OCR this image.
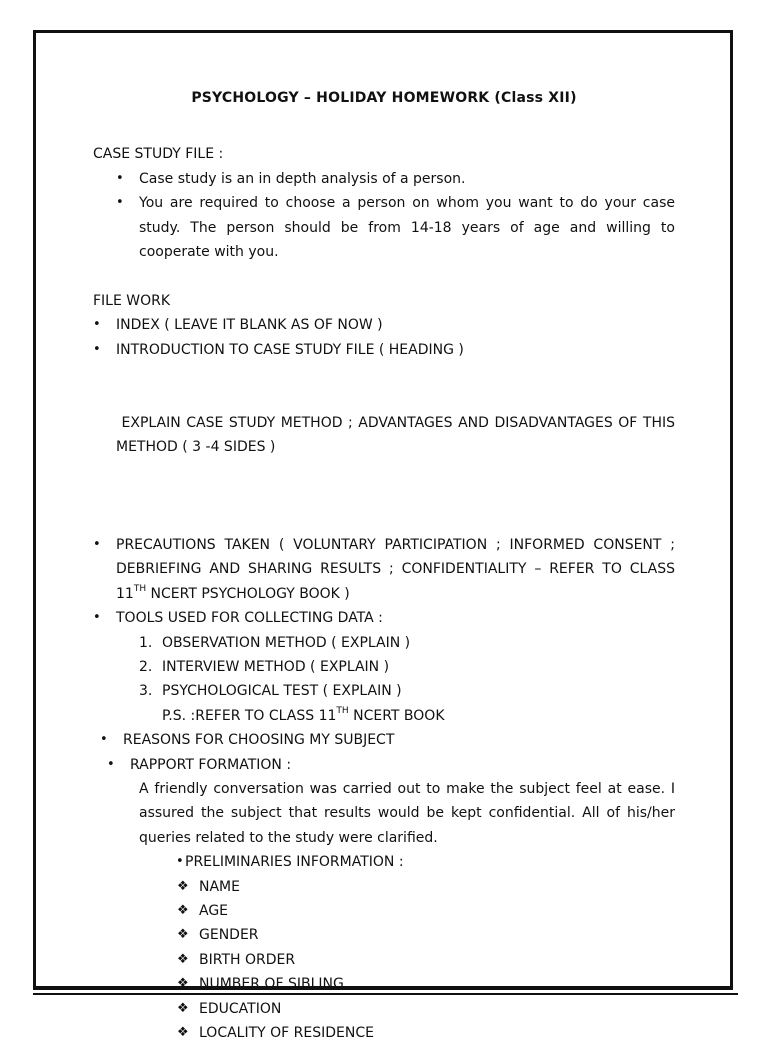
PSYCHOLOGY – HOLIDAY HOMEWORK (Class XII)

CASE STUDY FILE :

• Case study is an in depth analysis of a person.

• You are required to choose a person on whom you want to do your case study. The person should be from 14-18 years of age and willing to cooperate with you.

FILE WORK

• INDEX ( LEAVE IT BLANK AS OF NOW )

• INTRODUCTION TO CASE STUDY FILE ( HEADING )

EXPLAIN CASE STUDY METHOD ; ADVANTAGES AND DISADVANTAGES OF THIS METHOD ( 3 -4 SIDES )

• PRECAUTIONS TAKEN ( VOLUNTARY PARTICIPATION ; INFORMED CONSENT ; DEBRIEFING AND SHARING RESULTS ; CONFIDENTIALITY – REFER TO CLASS 11TH NCERT PSYCHOLOGY BOOK )

• TOOLS USED FOR COLLECTING DATA :

1. OBSERVATION METHOD ( EXPLAIN )

2. INTERVIEW METHOD ( EXPLAIN )

3. PSYCHOLOGICAL TEST ( EXPLAIN )

P.S. :REFER TO CLASS 11TH NCERT BOOK

• REASONS FOR CHOOSING MY SUBJECT

• RAPPORT FORMATION :

A friendly conversation was carried out to make the subject feel at ease. I assured the subject that results would be kept confidential. All of his/her queries related to the study were clarified.

• PRELIMINARIES INFORMATION :

❖ NAME

❖ AGE

❖ GENDER

❖ BIRTH ORDER

❖ NUMBER OF SIBLING

❖ EDUCATION

❖ LOCALITY OF RESIDENCE
